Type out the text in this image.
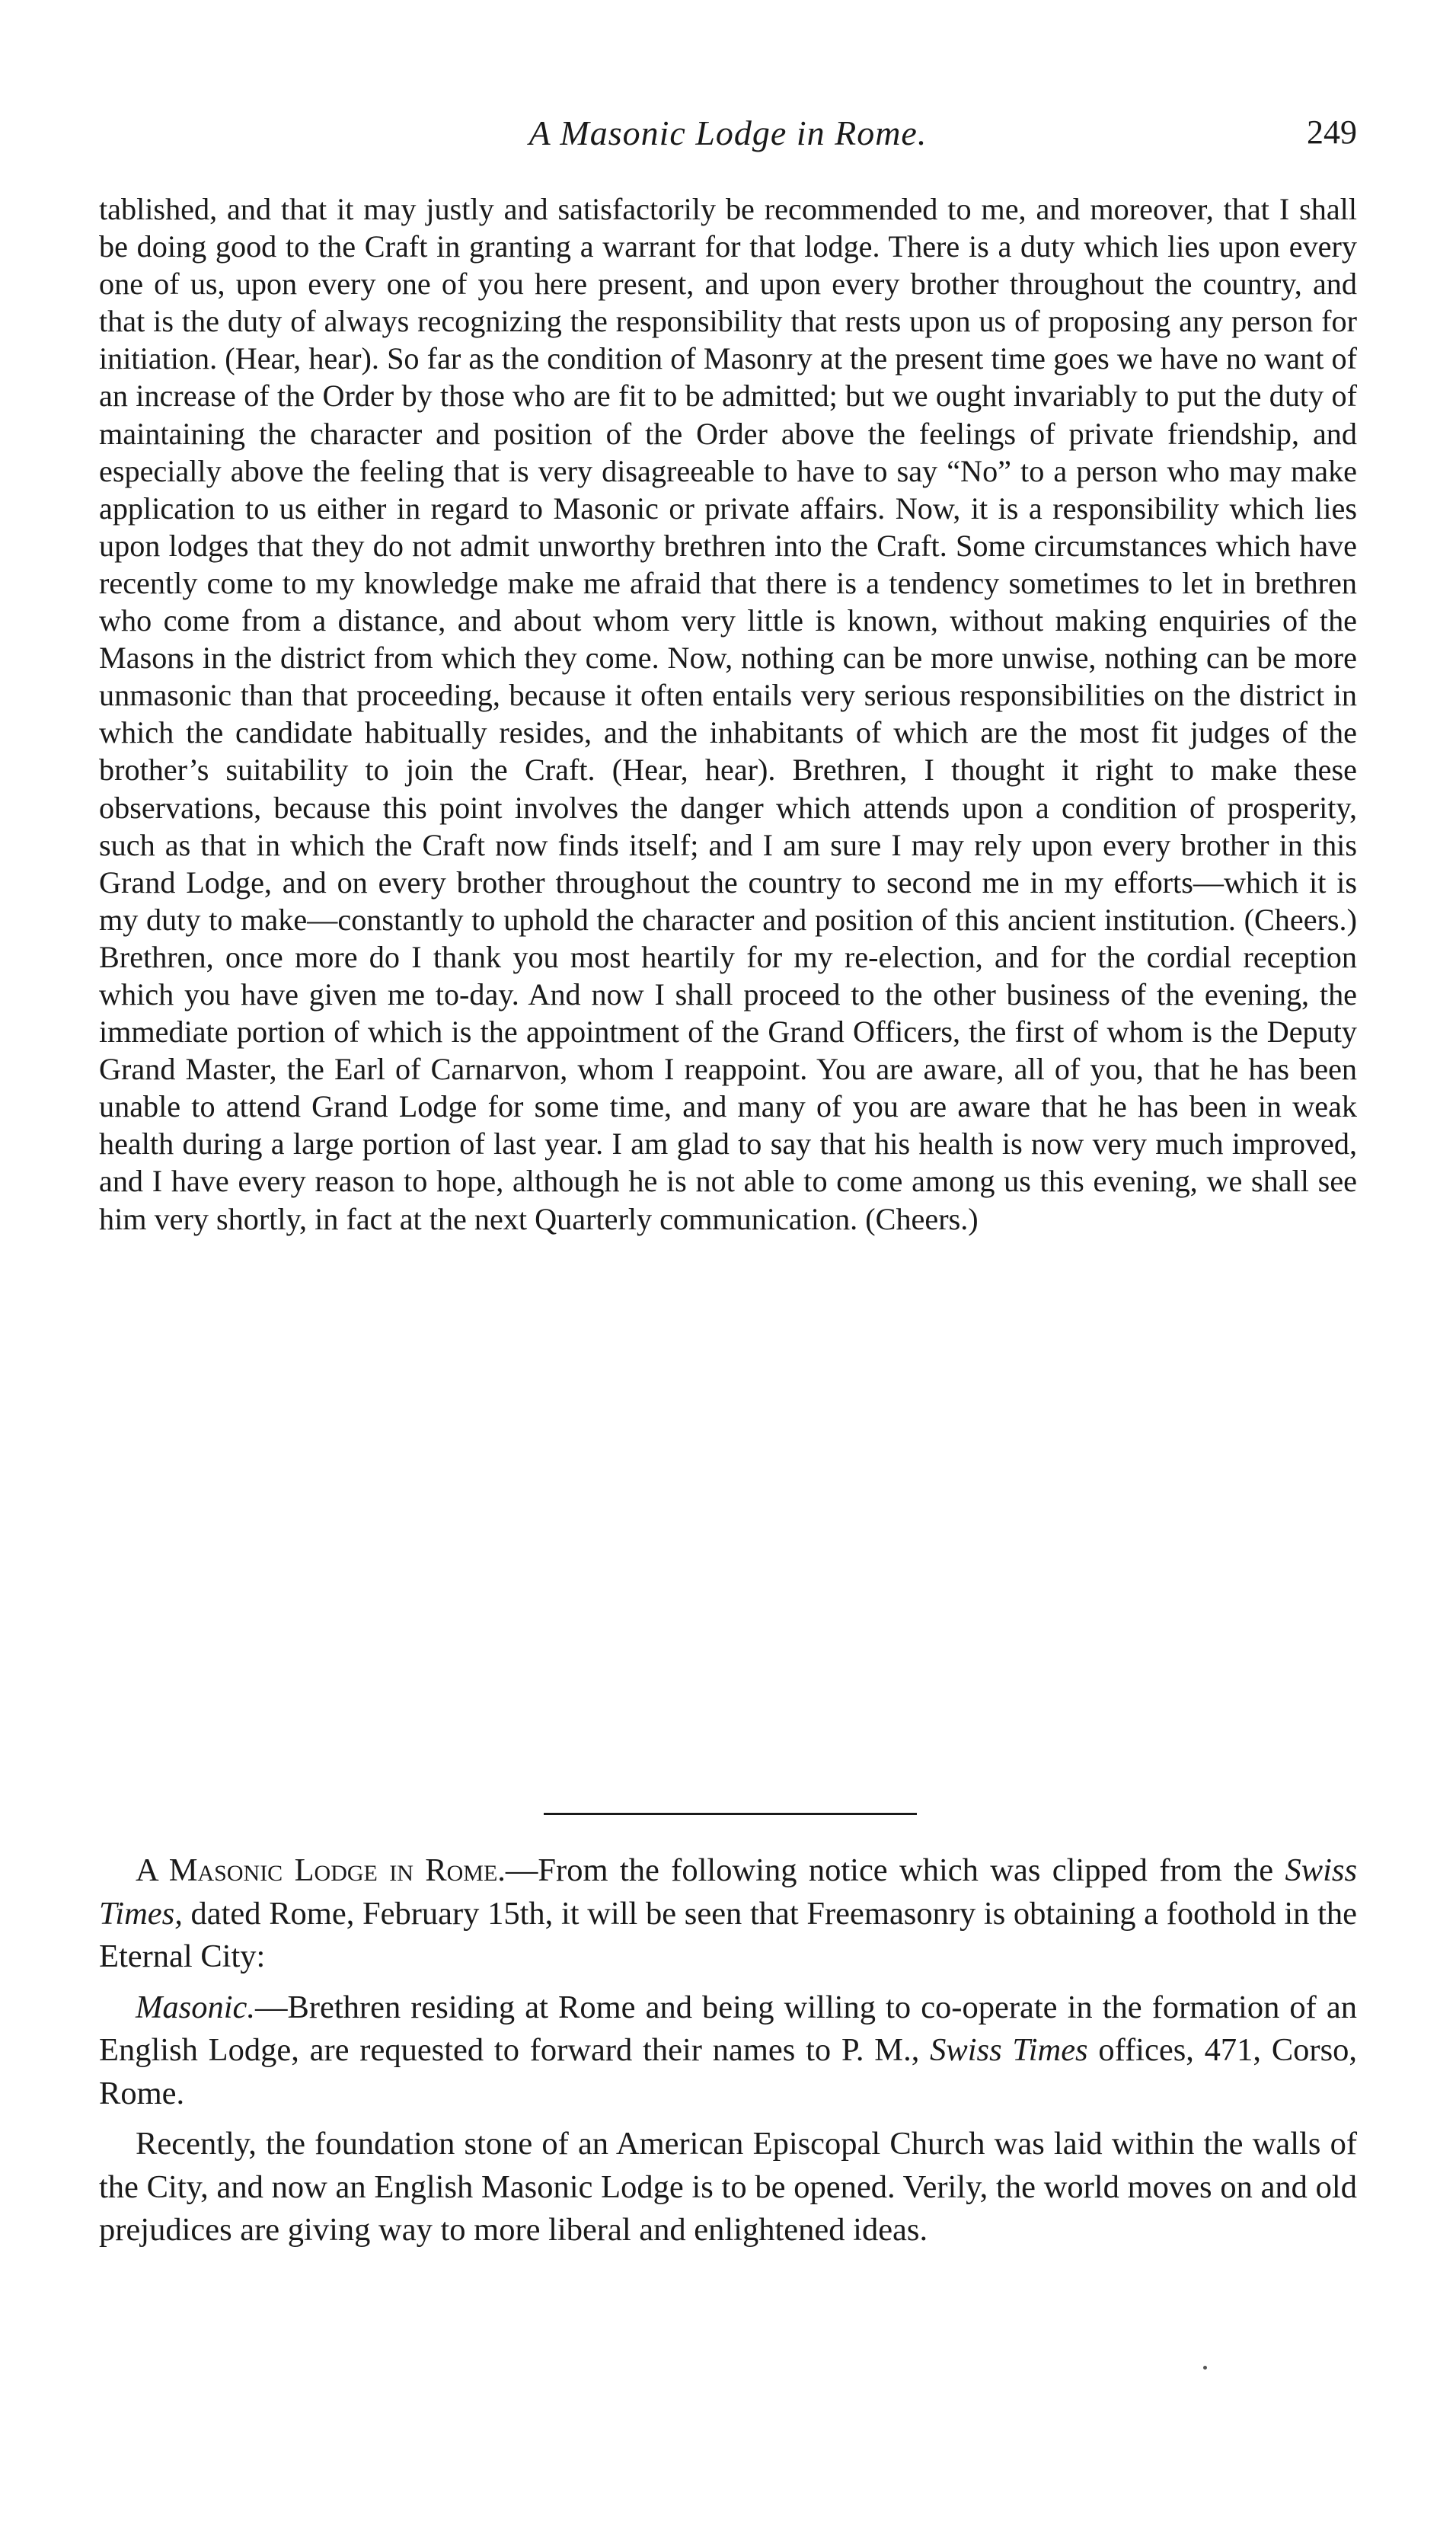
A Masonic Lodge in Rome.	249

tablished, and that it may justly and satisfactorily be recommended to me, and moreover, that I shall be doing good to the Craft in granting a warrant for that lodge. There is a duty which lies upon every one of us, upon every one of you here present, and upon every brother throughout the country, and that is the duty of always recognizing the responsibility that rests upon us of proposing any person for initiation. (Hear, hear). So far as the condition of Masonry at the present time goes we have no want of an increase of the Order by those who are fit to be admitted; but we ought invariably to put the duty of maintaining the character and position of the Order above the feelings of private friendship, and especially above the feeling that is very disagreeable to have to say “No” to a person who may make application to us either in regard to Masonic or private affairs. Now, it is a responsibility which lies upon lodges that they do not admit unworthy brethren into the Craft. Some circumstances which have recently come to my knowledge make me afraid that there is a tendency sometimes to let in brethren who come from a distance, and about whom very little is known, without making enquiries of the Masons in the district from which they come. Now, nothing can be more unwise, nothing can be more unmasonic than that proceeding, because it often entails very serious responsibilities on the district in which the candidate habitually resides, and the inhabitants of which are the most fit judges of the brother’s suitability to join the Craft. (Hear, hear). Brethren, I thought it right to make these observations, because this point involves the danger which attends upon a condition of prosperity, such as that in which the Craft now finds itself; and I am sure I may rely upon every brother in this Grand Lodge, and on every brother throughout the country to second me in my efforts—which it is my duty to make—constantly to uphold the character and position of this ancient institution. (Cheers.) Brethren, once more do I thank you most heartily for my re-election, and for the cordial reception which you have given me to-day. And now I shall proceed to the other business of the evening, the immediate portion of which is the appointment of the Grand Officers, the first of whom is the Deputy Grand Master, the Earl of Carnarvon, whom I reappoint. You are aware, all of you, that he has been unable to attend Grand Lodge for some time, and many of you are aware that he has been in weak health during a large portion of last year. I am glad to say that his health is now very much improved, and I have every reason to hope, although he is not able to come among us this evening, we shall see him very shortly, in fact at the next Quarterly communication. (Cheers.)

A Masonic Lodge in Rome.—From the following notice which was clipped from the Swiss Times, dated Rome, February 15th, it will be seen that Freemasonry is obtaining a foothold in the Eternal City:

Masonic.—Brethren residing at Rome and being willing to co-operate in the formation of an English Lodge, are requested to forward their names to P. M., Swiss Times offices, 471, Corso, Rome.

Recently, the foundation stone of an American Episcopal Church was laid within the walls of the City, and now an English Masonic Lodge is to be opened. Verily, the world moves on and old prejudices are giving way to more liberal and enlightened ideas.
